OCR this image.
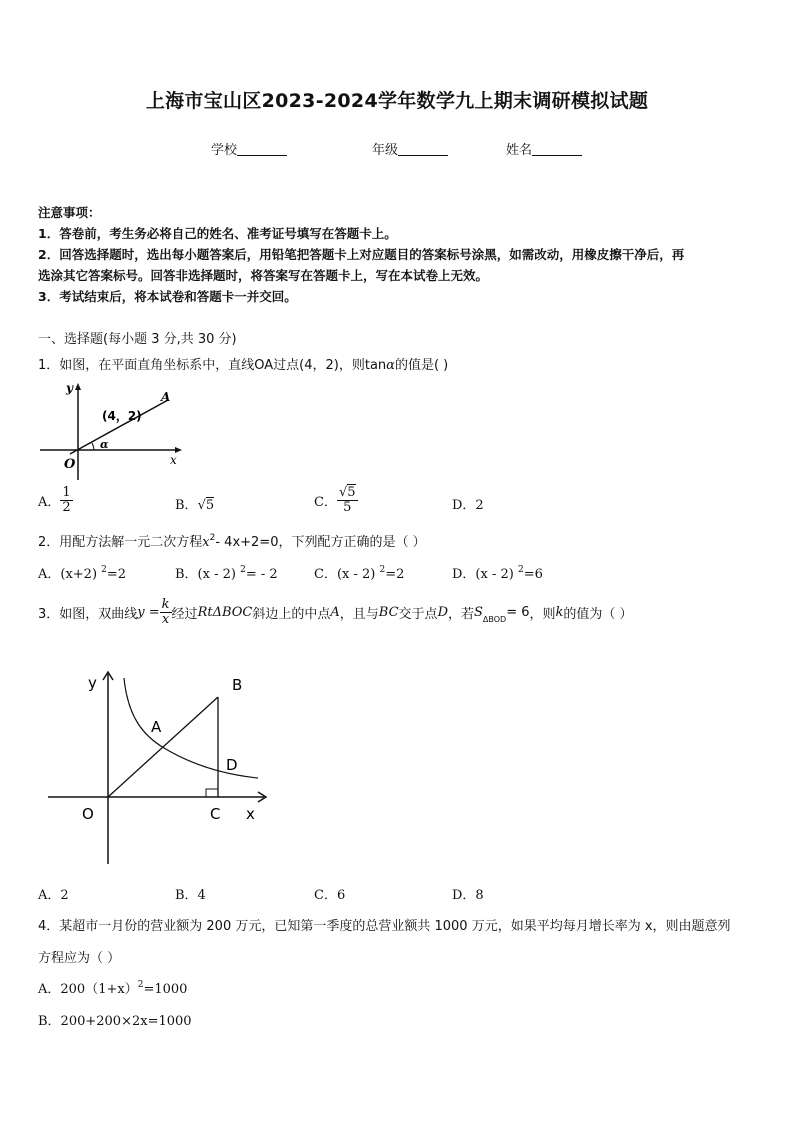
上海市宝山区2023-2024学年数学九上期末调研模拟试题
学校	年级	姓名
注意事项：
1．答卷前，考生务必将自己的姓名、准考证号填写在答题卡上。
2．回答选择题时，选出每小题答案后，用铅笔把答题卡上对应题目的答案标号涂黑，如需改动，用橡皮擦干净后，再
选涂其它答案标号。回答非选择题时，将答案写在答题卡上，写在本试卷上无效。
3．考试结束后，将本试卷和答题卡一并交回。
一、选择题(每小题 3 分,共 30 分)
1．如图，在平面直角坐标系中，直线OA过点(4，2)，则tanα的值是( )
y
x
O
A
(4，2)
α
A． $\frac{1}{2}$	B．√5	C． $\frac{√5}{5}$	D．2
2．用配方法解一元二次方程$x^2-$ 4x+2=0，下列配方正确的是（ ）
A．(x+2) $^2$=2	B．(x - 2) $^2$= - 2	C．(x - 2) $^2$=2	D．(x - 2) $^2$=6
3．如图，双曲线$y = \frac{k}{x}$ 经过RtΔBOC斜边上的中点A，且与BC交于点D，若$S_{\Delta BOD}= 6$，则k的值为（ ）
y
x
O
B
A
D
C
A．2	B．4	C．6	D．8
4．某超市一月份的营业额为 200 万元，已知第一季度的总营业额共 1000 万元，如果平均每月增长率为 x，则由题意列
方程应为（ ）
A．$200(1+x)^2=1000$
B．200+200×2x=1000
